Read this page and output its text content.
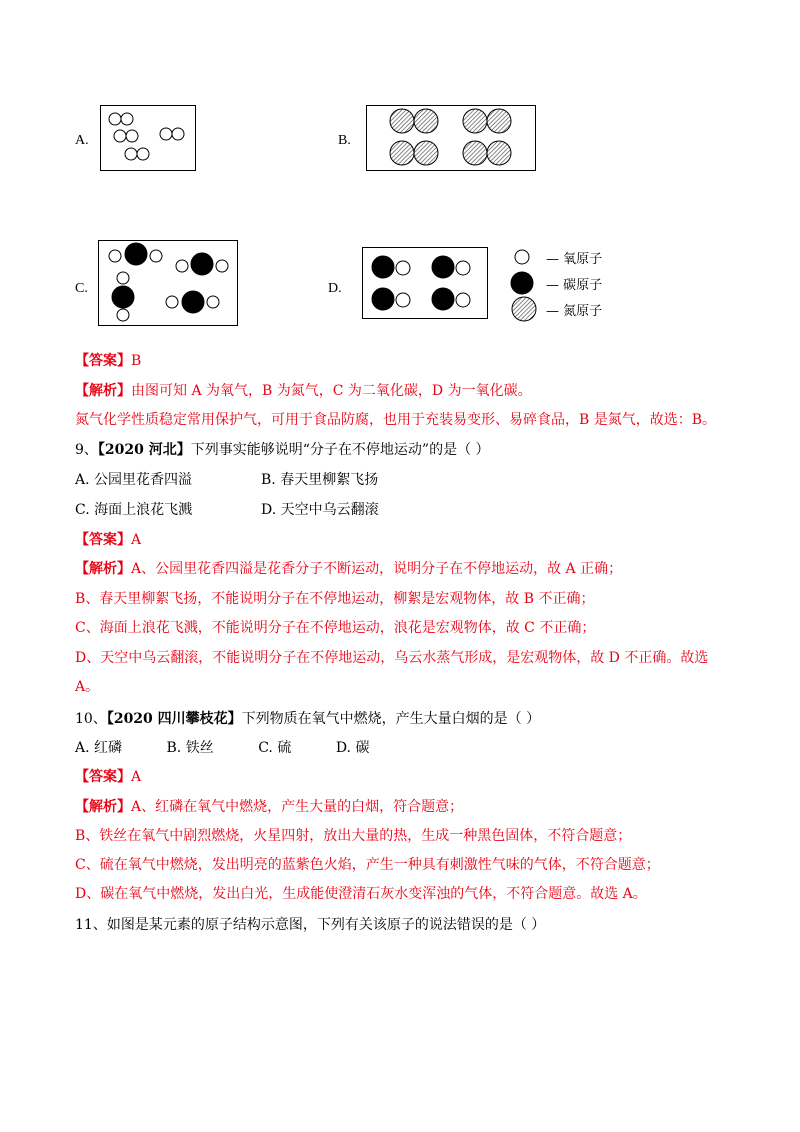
A.	B.
C.	D.
— 氧原子
— 碳原子
— 氮原子
【答案】B
【解析】由图可知 A 为氧气，B 为氮气，C 为二氧化碳，D 为一氧化碳。
氮气化学性质稳定常用保护气，可用于食品防腐，也用于充装易变形、易碎食品，B 是氮气，故选：B。
9、【2020 河北】下列事实能够说明“分子在不停地运动”的是（ ）
A. 公园里花香四溢	B. 春天里柳絮飞扬
C. 海面上浪花飞溅	D. 天空中乌云翻滚
【答案】A
【解析】A、公园里花香四溢是花香分子不断运动，说明分子在不停地运动，故 A 正确；
B、春天里柳絮飞扬，不能说明分子在不停地运动，柳絮是宏观物体，故 B 不正确；
C、海面上浪花飞溅，不能说明分子在不停地运动，浪花是宏观物体，故 C 不正确；
D、天空中乌云翻滚，不能说明分子在不停地运动，乌云水蒸气形成，是宏观物体，故 D 不正确。故选
A。
10、【2020 四川攀枝花】下列物质在氧气中燃烧，产生大量白烟的是（ ）
A. 红磷          B. 铁丝          C. 硫          D. 碳
【答案】A
【解析】A、红磷在氧气中燃烧，产生大量的白烟，符合题意；
B、铁丝在氧气中剧烈燃烧，火星四射，放出大量的热，生成一种黑色固体，不符合题意；
C、硫在氧气中燃烧，发出明亮的蓝紫色火焰，产生一种具有刺激性气味的气体，不符合题意；
D、碳在氧气中燃烧，发出白光，生成能使澄清石灰水变浑浊的气体，不符合题意。故选 A。
11、如图是某元素的原子结构示意图，下列有关该原子的说法错误的是（ ）
